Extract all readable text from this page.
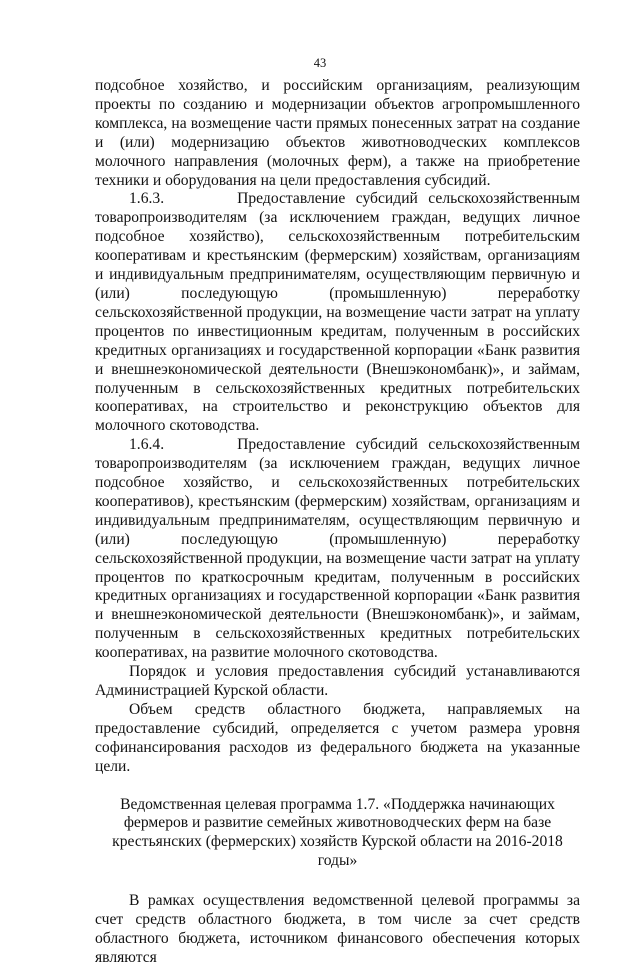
43

подсобное хозяйство, и российским организациям, реализующим проекты по созданию и модернизации объектов агропромышленного комплекса, на возмещение части прямых понесенных затрат на создание и (или) модернизацию объектов животноводческих комплексов молочного направления (молочных ферм), а также на приобретение техники и оборудования на цели предоставления субсидий.

1.6.3.       Предоставление субсидий сельскохозяйственным товаропроизводителям (за исключением граждан, ведущих личное подсобное хозяйство), сельскохозяйственным потребительским кооперативам и крестьянским (фермерским) хозяйствам, организациям и индивидуальным предпринимателям, осуществляющим первичную и (или) последующую (промышленную) переработку сельскохозяйственной продукции, на возмещение части затрат на уплату процентов по инвестиционным кредитам, полученным в российских кредитных организациях и государственной корпорации «Банк развития и внешнеэкономической деятельности (Внешэкономбанк)», и займам, полученным в сельскохозяйственных кредитных потребительских кооперативах, на строительство и реконструкцию объектов для молочного скотоводства.

1.6.4.       Предоставление субсидий сельскохозяйственным товаропроизводителям (за исключением граждан, ведущих личное подсобное хозяйство, и сельскохозяйственных потребительских кооперативов), крестьянским (фермерским) хозяйствам, организациям и индивидуальным предпринимателям, осуществляющим первичную и (или) последующую (промышленную) переработку сельскохозяйственной продукции, на возмещение части затрат на уплату процентов по краткосрочным кредитам, полученным в российских кредитных организациях и государственной корпорации «Банк развития и внешнеэкономической деятельности (Внешэкономбанк)», и займам, полученным в сельскохозяйственных кредитных потребительских кооперативах, на развитие молочного скотоводства.

Порядок и условия предоставления субсидий устанавливаются Администрацией Курской области.

Объем средств областного бюджета, направляемых на предоставление субсидий, определяется с учетом размера уровня софинансирования расходов из федерального бюджета на указанные цели.

Ведомственная целевая программа 1.7. «Поддержка начинающих фермеров и развитие семейных животноводческих ферм на базе крестьянских (фермерских) хозяйств Курской области на 2016-2018 годы»

В рамках осуществления ведомственной целевой программы за счет средств областного бюджета, в том числе за счет средств областного бюджета, источником финансового обеспечения которых являются
